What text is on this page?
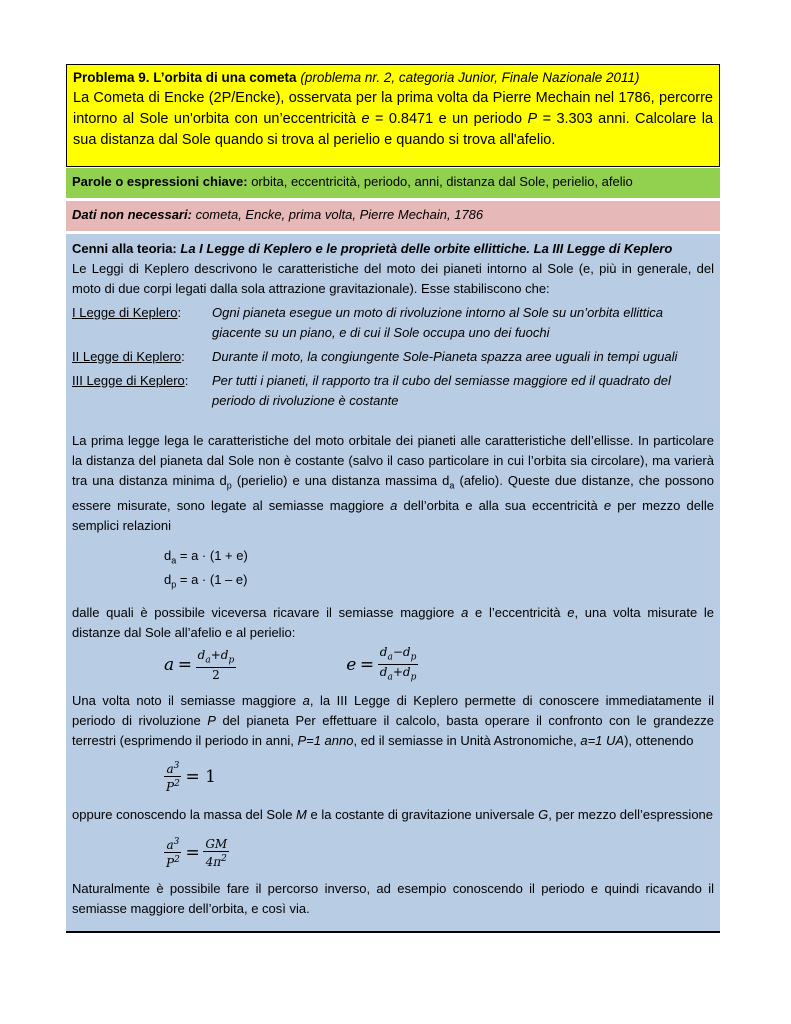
Problema 9. L’orbita di una cometa (problema nr. 2, categoria Junior, Finale Nazionale 2011)
La Cometa di Encke (2P/Encke), osservata per la prima volta da Pierre Mechain nel 1786, percorre intorno al Sole un'orbita con un’eccentricità e = 0.8471 e un periodo P = 3.303 anni. Calcolare la sua distanza dal Sole quando si trova al perielio e quando si trova all'afelio.
Parole o espressioni chiave: orbita, eccentricità, periodo, anni, distanza dal Sole, perielio, afelio
Dati non necessari: cometa, Encke, prima volta, Pierre Mechain, 1786
Cenni alla teoria: La I Legge di Keplero e le proprietà delle orbite ellittiche. La III Legge di Keplero
Le Leggi di Keplero descrivono le caratteristiche del moto dei pianeti intorno al Sole (e, più in generale, del moto di due corpi legati dalla sola attrazione gravitazionale). Esse stabiliscono che:
I Legge di Keplero:	Ogni pianeta esegue un moto di rivoluzione intorno al Sole su un’orbita ellittica giacente su un piano, e di cui il Sole occupa uno dei fuochi
II Legge di Keplero:	Durante il moto, la congiungente Sole-Pianeta spazza aree uguali in tempi uguali
III Legge di Keplero:	Per tutti i pianeti, il rapporto tra il cubo del semiasse maggiore ed il quadrato del periodo di rivoluzione è costante
La prima legge lega le caratteristiche del moto orbitale dei pianeti alle caratteristiche dell’ellisse. In particolare la distanza del pianeta dal Sole non è costante (salvo il caso particolare in cui l’orbita sia circolare), ma varierà tra una distanza minima $d_p$ (perielio) e una distanza massima $d_a$ (afelio). Queste due distanze, che possono essere misurate, sono legate al semiasse maggiore a dell’orbita e alla sua eccentricità e per mezzo delle semplici relazioni
$d_a = a \cdot (1 + e)$
$d_p = a \cdot (1 - e)$
dalle quali è possibile viceversa ricavare il semiasse maggiore a e l’eccentricità e, una volta misurate le distanze dal Sole all’afelio e al perielio:
a
=
$\frac{d_a+d_p}{2}$	e
=
$\frac{d_a-d_p}{d_a+d_p}$
Una volta noto il semiasse maggiore a, la III Legge di Keplero permette di conoscere immediatamente il periodo di rivoluzione P del pianeta Per effettuare il calcolo, basta operare il confronto con le grandezze terrestri (esprimendo il periodo in anni, P=1 anno, ed il semiasse in Unità Astronomiche, a=1 UA), ottenendo
$\frac{a^3}{P^2}$
= 1
oppure conoscendo la massa del Sole M e la costante di gravitazione universale G, per mezzo dell’espressione
$\frac{a^3}{P^2}$
=
$\frac{GM}{4\pi^2}$
Naturalmente è possibile fare il percorso inverso, ad esempio conoscendo il periodo e quindi ricavando il semiasse maggiore dell’orbita, e così via.
